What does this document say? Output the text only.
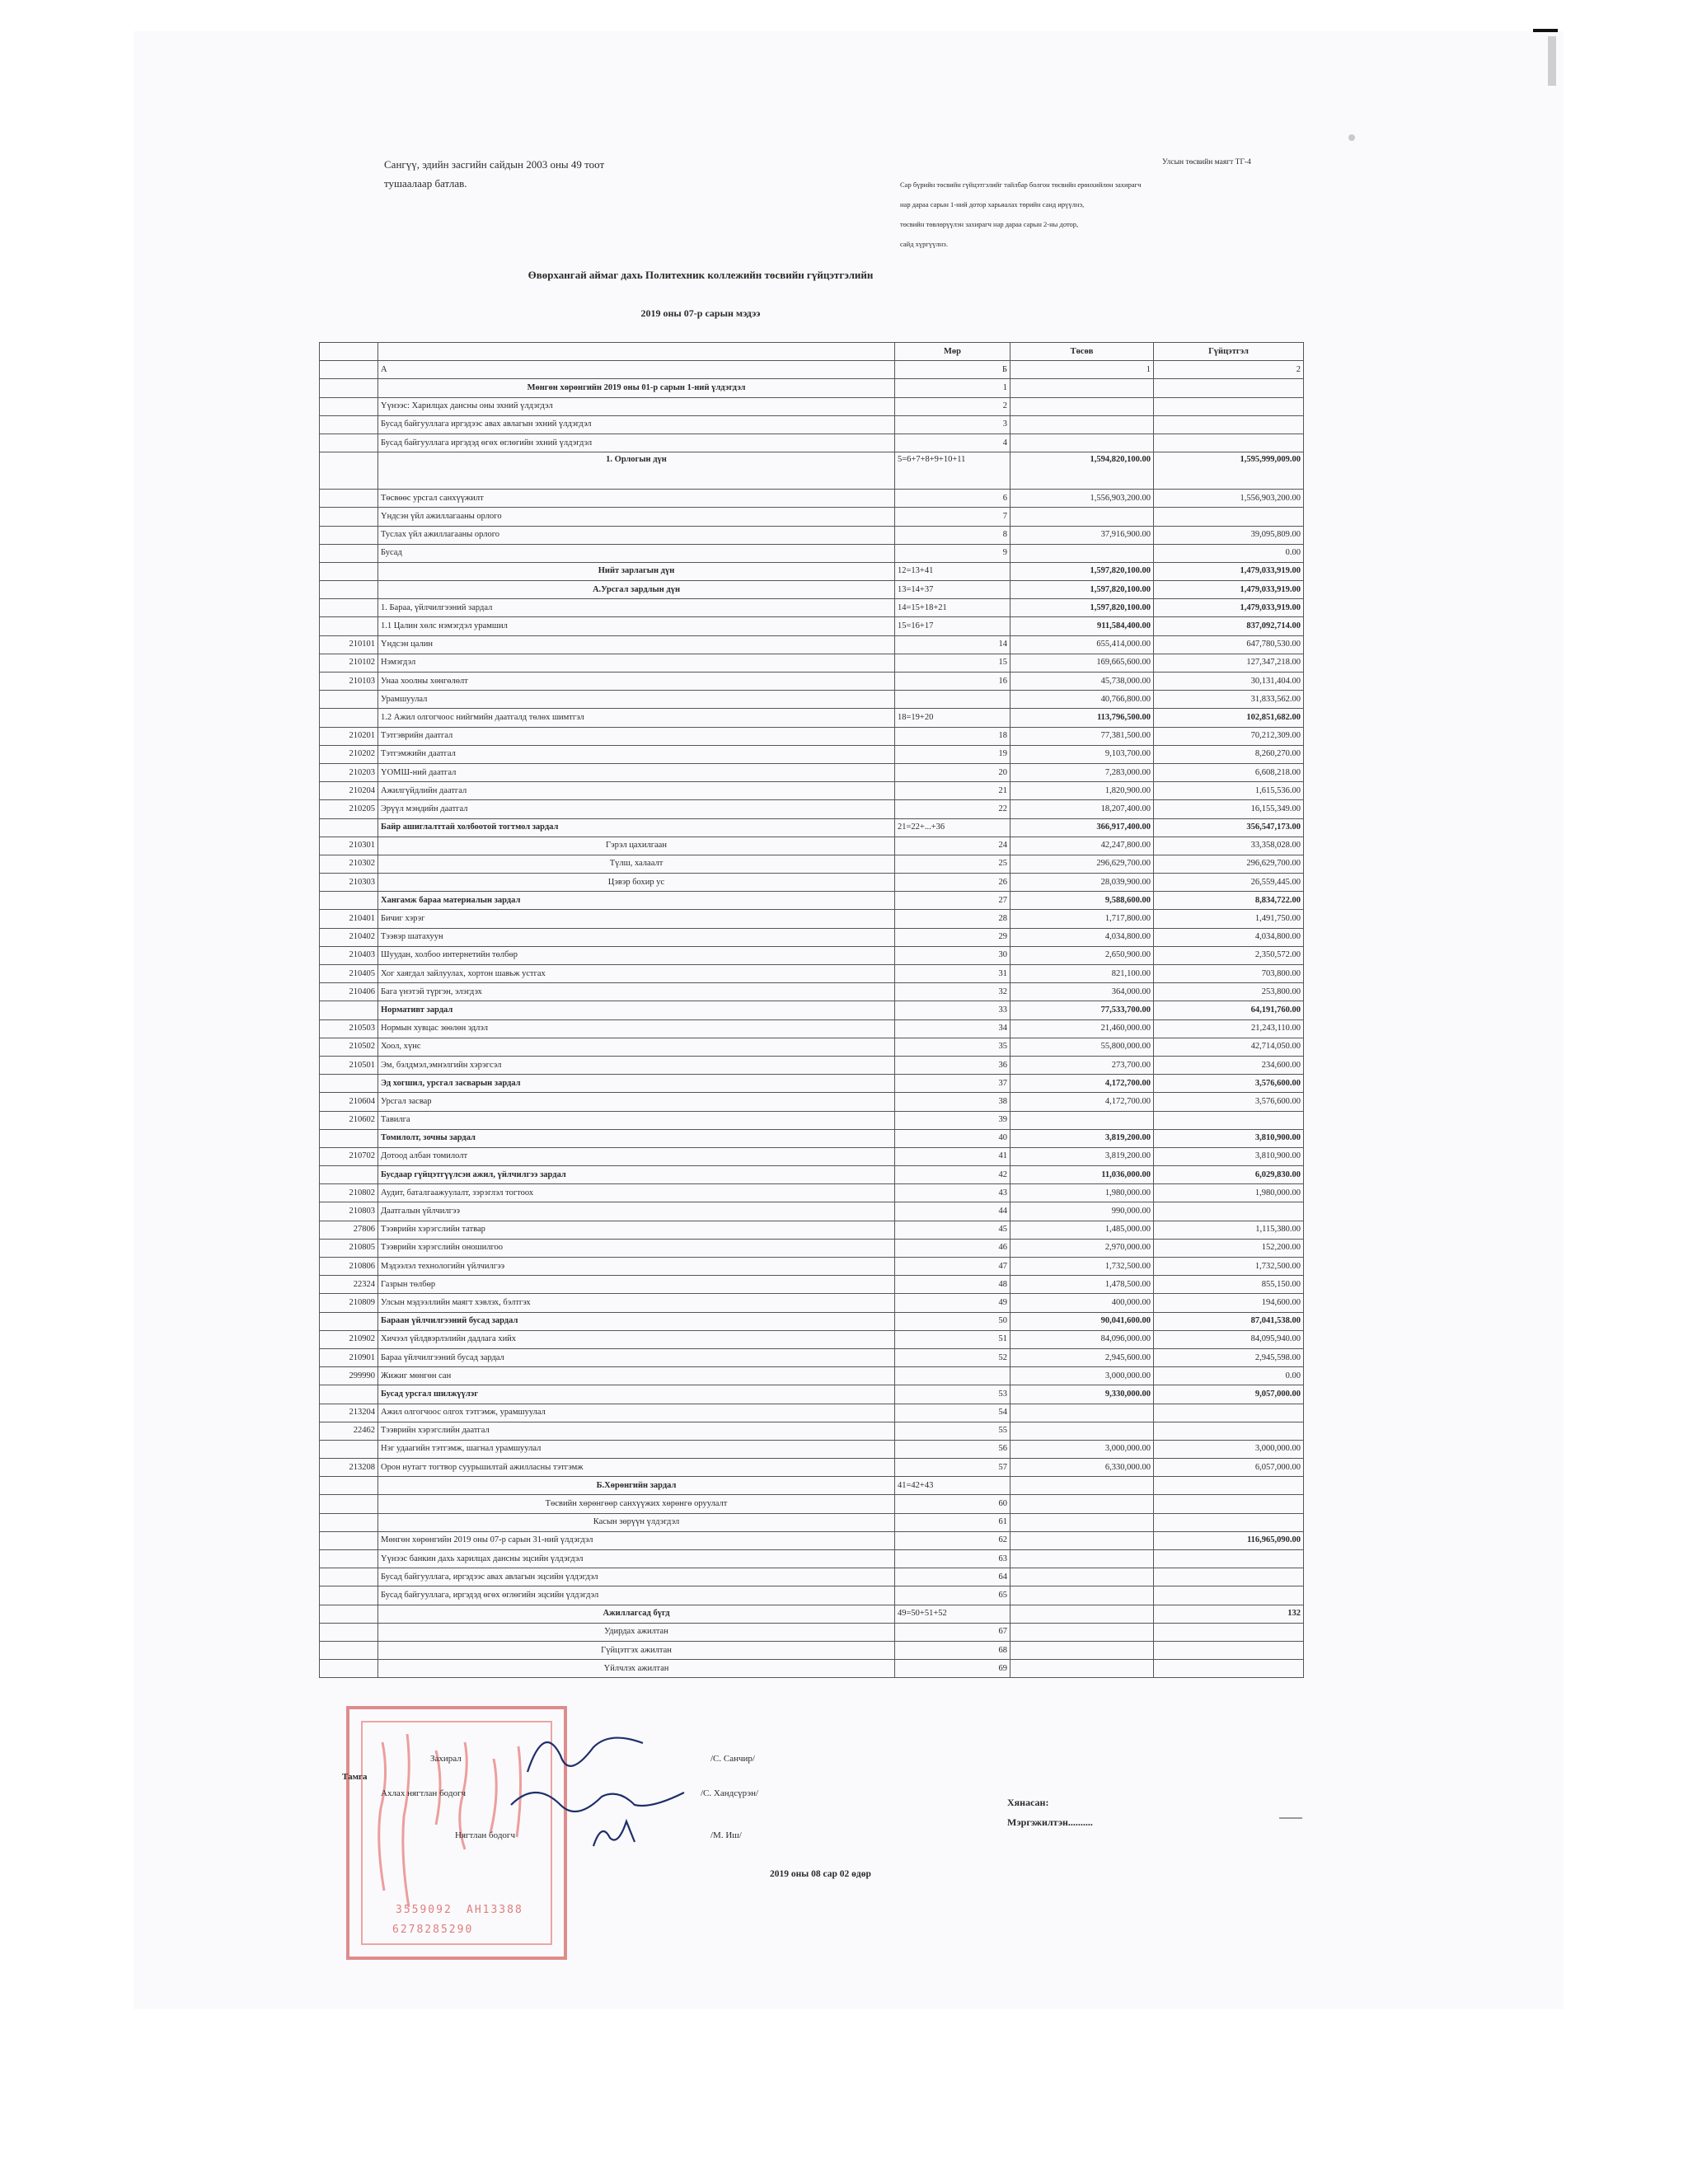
Сангүү, эдийн засгийн сайдын 2003 оны 49 тоот
тушаалаар батлав.
Улсын төсвийн маягт ТГ-4
Сар бүрийн төсвийн гүйцэтгэлийг тайлбар болгон төсвийн ерөнхийлөн захирагч
нар дараа сарын 1-ний дотор харьяалах төрийн санд ирүүлнэ,
төсвийн төвлөрүүлэн захирагч нар дараа сарын 2-ны дотор,
сайд хүргүүлнэ.
Өвөрхангай аймаг дахь Политехник коллежийн төсвийн гүйцэтгэлийн
2019 оны 07-р сарын мэдээ
		Мөр	Төсөв	Гүйцэтгэл
	А	Б	1	2
	Мөнгөн хөрөнгийн 2019 оны 01-р сарын 1-ний үлдэгдэл	1		
	Үүнээс: Харилцах дансны оны эхний үлдэгдэл	2		
	Бусад байгууллага иргэдээс авах авлагын эхний үлдэгдэл	3		
	Бусад байгууллага иргэдэд өгөх өглөгийн эхний үлдэгдэл	4		
	1. Орлогын дүн	5=6+7+8+9+10+11	1,594,820,100.00	1,595,999,009.00
	Төсвөөс урсгал санхүүжилт	6	1,556,903,200.00	1,556,903,200.00
	Үндсэн үйл ажиллагааны орлого	7		
	Туслах үйл ажиллагааны орлого	8	37,916,900.00	39,095,809.00
	Бусад	9		0.00
	Нийт зарлагын дүн	12=13+41	1,597,820,100.00	1,479,033,919.00
	А.Урсгал зардлын дүн	13=14+37	1,597,820,100.00	1,479,033,919.00
	1. Бараа, үйлчилгээний зардал	14=15+18+21	1,597,820,100.00	1,479,033,919.00
	1.1 Цалин хөлс нэмэгдэл урамшил	15=16+17	911,584,400.00	837,092,714.00
210101	Үндсэн цалин	14	655,414,000.00	647,780,530.00
210102	Нэмэгдэл	15	169,665,600.00	127,347,218.00
210103	Унаа хоолны хөнгөлөлт	16	45,738,000.00	30,131,404.00
	Урамшуулал		40,766,800.00	31,833,562.00
	1.2 Ажил олгогчоос нийгмийн даатгалд төлөх шимтгэл	18=19+20	113,796,500.00	102,851,682.00
210201	Тэтгэврийн даатгал	18	77,381,500.00	70,212,309.00
210202	Тэтгэмжийн даатгал	19	9,103,700.00	8,260,270.00
210203	ҮОМШ-ний даатгал	20	7,283,000.00	6,608,218.00
210204	Ажилгүйдлийн даатгал	21	1,820,900.00	1,615,536.00
210205	Эрүүл мэндийн даатгал	22	18,207,400.00	16,155,349.00
	Байр ашиглалттай холбоотой тогтмол зардал	21=22+...+36	366,917,400.00	356,547,173.00
210301	Гэрэл цахилгаан	24	42,247,800.00	33,358,028.00
210302	Түлш, халаалт	25	296,629,700.00	296,629,700.00
210303	Цэвэр бохир ус	26	28,039,900.00	26,559,445.00
	Хангамж бараа материалын зардал	27	9,588,600.00	8,834,722.00
210401	Бичиг хэрэг	28	1,717,800.00	1,491,750.00
210402	Тээвэр шатахуун	29	4,034,800.00	4,034,800.00
210403	Шуудан, холбоо интернетийн төлбөр	30	2,650,900.00	2,350,572.00
210405	Хог хаягдал зайлуулах, хортон шавьж устгах	31	821,100.00	703,800.00
210406	Бага үнэтэй түргэн, элэгдэх	32	364,000.00	253,800.00
	Нормативт зардал	33	77,533,700.00	64,191,760.00
210503	Нормын хувцас зөөлөн эдлэл	34	21,460,000.00	21,243,110.00
210502	Хоол, хүнс	35	55,800,000.00	42,714,050.00
210501	Эм, бэлдмэл,эмнэлгийн хэрэгсэл	36	273,700.00	234,600.00
	Эд хогшил, урсгал засварын зардал	37	4,172,700.00	3,576,600.00
210604	Урсгал засвар	38	4,172,700.00	3,576,600.00
210602	Тавилга	39		
	Томилолт, зочны зардал	40	3,819,200.00	3,810,900.00
210702	Дотоод албан томилолт	41	3,819,200.00	3,810,900.00
	Бусдаар гүйцэтгүүлсэн ажил, үйлчилгээ зардал	42	11,036,000.00	6,029,830.00
210802	Аудит, баталгаажуулалт, зэрэглэл тогтоох	43	1,980,000.00	1,980,000.00
210803	Даатгалын үйлчилгээ	44	990,000.00	
27806	Тээврийн хэрэгслийн татвар	45	1,485,000.00	1,115,380.00
210805	Тээврийн хэрэгслийн оношилгоо	46	2,970,000.00	152,200.00
210806	Мэдээлэл технологийн үйлчилгээ	47	1,732,500.00	1,732,500.00
22324	Газрын төлбөр	48	1,478,500.00	855,150.00
210809	Улсын мэдээллийн маягт хэвлэх, бэлтгэх	49	400,000.00	194,600.00
	Бараан үйлчилгээний бусад зардал	50	90,041,600.00	87,041,538.00
210902	Хичээл үйлдвэрлэлийн дадлага хийх	51	84,096,000.00	84,095,940.00
210901	Бараа үйлчилгээний бусад зардал	52	2,945,600.00	2,945,598.00
299990	Жижиг мөнгөн сан		3,000,000.00	0.00
	Бусад урсгал шилжүүлэг	53	9,330,000.00	9,057,000.00
213204	Ажил олгогчоос олгох тэтгэмж, урамшуулал	54		
22462	Тээврийн хэрэгслийн даатгал	55		
	Нэг удаагийн тэтгэмж, шагнал урамшуулал	56	3,000,000.00	3,000,000.00
213208	Орон нутагт тогтвор суурьшилтай ажилласны тэтгэмж	57	6,330,000.00	6,057,000.00
	Б.Хөрөнгийн зардал	41=42+43		
	Төсвийн хөрөнгөөр санхүүжих хөрөнгө оруулалт	60		
	Касын зөрүүн үлдэгдэл	61		
	Мөнгөн хөрөнгийн 2019 оны 07-р сарын 31-ний үлдэгдэл	62		116,965,090.00
	Үүнээс банкин дахь харилцах дансны эцсийн үлдэгдэл	63		
	Бусад байгууллага, иргэдээс авах авлагын эцсийн үлдэгдэл	64		
	Бусад байгууллага, иргэдэд өгөх өглөгийн эцсийн үлдэгдэл	65		
	Ажиллагсад бүгд	49=50+51+52		132
	Удирдах ажилтан	67		
	Гүйцэтгэх ажилтан	68		
	Үйлчлэх ажилтан	69		
3559092 АН13388
6278285290
Тамга
Захирал	/С. Санчир/
Ахлах нягтлан бодогч	/С. Хандсүрэн/
Нягтлан бодогч	/М. Иш/
Хянасан:
Мэргэжилтэн..........
2019 оны 08 сар 02 өдөр
